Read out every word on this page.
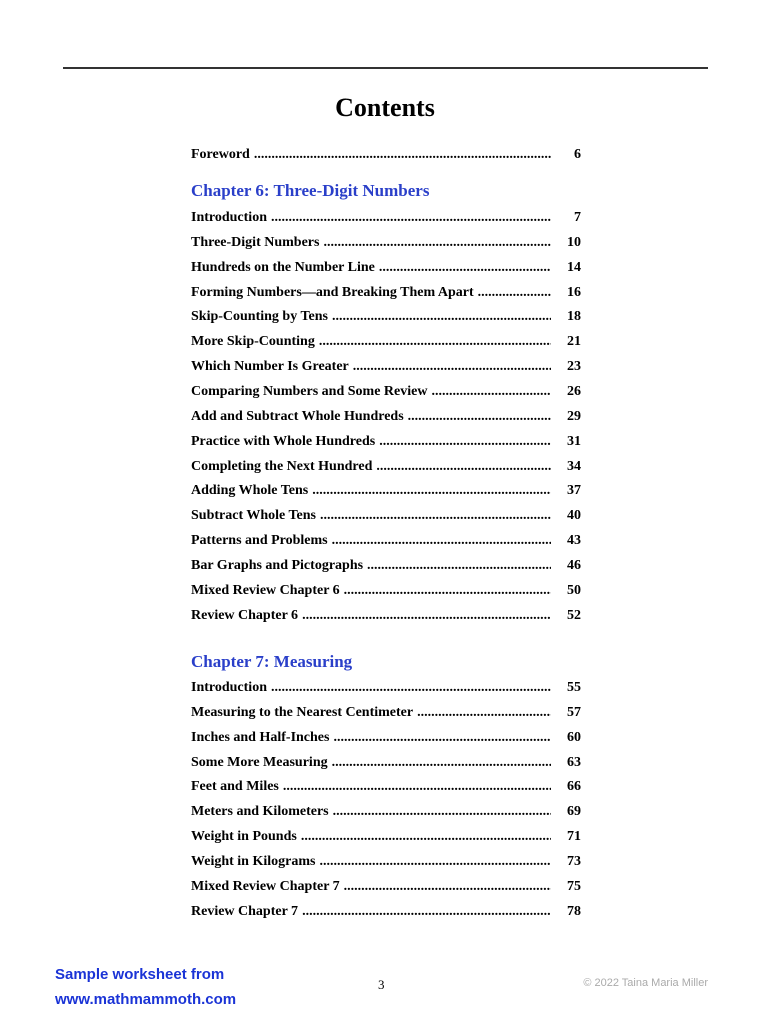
Contents
Foreword .....	6
Chapter 6: Three-Digit Numbers
Introduction .....	7
Three-Digit Numbers .....	10
Hundreds on the Number Line .....	14
Forming Numbers—and Breaking Them Apart .....	16
Skip-Counting by Tens .....	18
More Skip-Counting .....	21
Which Number Is Greater .....	23
Comparing Numbers and Some Review .....	26
Add and Subtract Whole Hundreds .....	29
Practice with Whole Hundreds .....	31
Completing the Next Hundred .....	34
Adding Whole Tens .....	37
Subtract Whole Tens .....	40
Patterns and Problems .....	43
Bar Graphs and Pictographs .....	46
Mixed Review Chapter 6 .....	50
Review Chapter 6 .....	52
Chapter 7: Measuring
Introduction .....	55
Measuring to the Nearest Centimeter .....	57
Inches and Half-Inches .....	60
Some More Measuring .....	63
Feet and Miles .....	66
Meters and Kilometers .....	69
Weight in Pounds .....	71
Weight in Kilograms .....	73
Mixed Review Chapter 7 .....	75
Review Chapter 7 .....	78
Sample worksheet from
www.mathmammoth.com
3	© 2022 Taina Maria Miller
